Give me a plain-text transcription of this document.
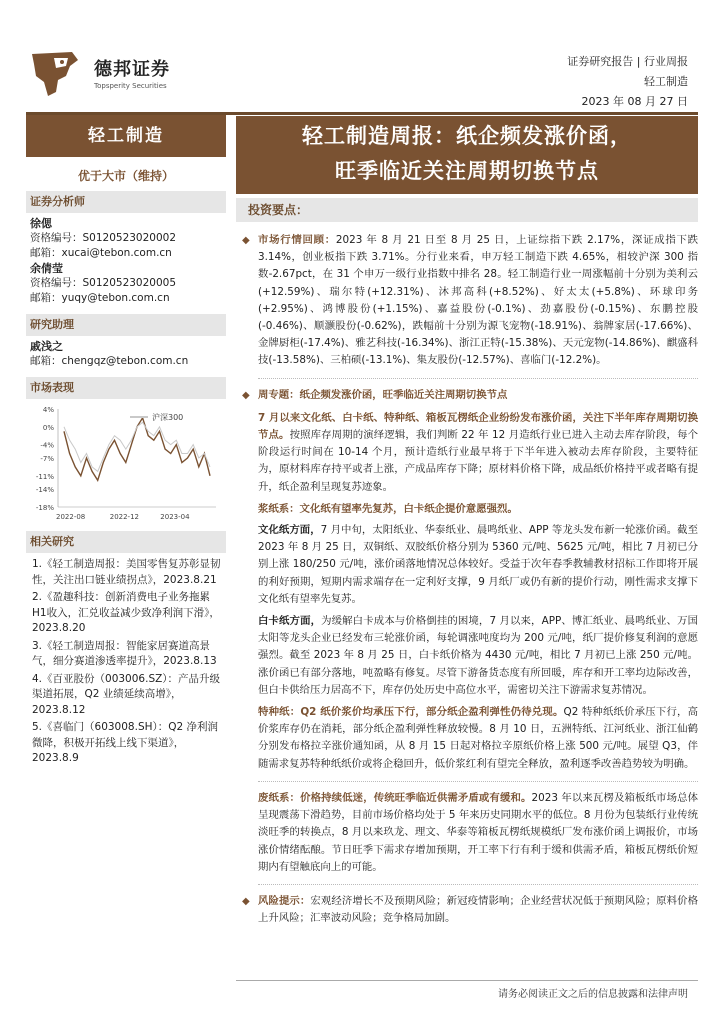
德邦证券
Topsperity Securities
证券研究报告 | 行业周报
轻工制造
2023 年 08 月 27 日
轻工制造
优于大市（维持）
证券分析师
徐偲
资格编号：S0120523020002
邮箱：xucai@tebon.com.cn
余倩莹
资格编号：S0120523020005
邮箱：yuqy@tebon.com.cn
研究助理
戚浅之
邮箱：chengqz@tebon.com.cn
市场表现
4%
0%
-4%
-7%
-11%
-14%
-18%
2022-08	2022-12	2023-04
沪深300
相关研究
1.《轻工制造周报：美国零售复苏彰显韧性，关注出口链业绩拐点》，2023.8.21
2.《盈趣科技：创新消费电子业务拖累H1收入，汇兑收益减少致净利润下滑》，2023.8.20
3.《轻工制造周报：智能家居赛道高景气，细分赛道渗透率提升》，2023.8.13
4.《百亚股份（003006.SZ）：产品升级渠道拓展，Q2 业绩延续高增》，2023.8.12
5.《喜临门（603008.SH）：Q2 净利润微降，积极开拓线上线下渠道》，2023.8.9
轻工制造周报：纸企频发涨价函，
旺季临近关注周期切换节点
投资要点：
◆ 市场行情回顾：2023 年 8 月 21 日至 8 月 25 日，上证综指下跌 2.17%，深证成指下跌 3.14%，创业板指下跌 3.71%。分行业来看，申万轻工制造下跌 4.65%，相较沪深 300 指数-2.67pct，在 31 个申万一级行业指数中排名 28。轻工制造行业一周涨幅前十分别为美利云(+12.59%)、瑞尔特(+12.31%)、沐邦高科(+8.52%)、好太太(+5.8%)、环球印务(+2.95%)、鸿博股份(+1.15%)、嘉益股份(-0.1%)、劲嘉股份(-0.15%)、东鹏控股(-0.46%)、顺灏股份(-0.62%)，跌幅前十分别为源飞宠物(-18.91%)、翁牌家居(-17.66%)、金牌厨柜(-17.4%)、雅艺科技(-16.34%)、浙江正特(-15.38%)、天元宠物(-14.86%)、麒盛科技(-13.58%)、三柏硕(-13.1%)、集友股份(-12.57%)、喜临门(-12.2%)。
◆ 周专题：纸企频发涨价函，旺季临近关注周期切换节点
7 月以来文化纸、白卡纸、特种纸、箱板瓦楞纸企业纷纷发布涨价函，关注下半年库存周期切换节点。按照库存周期的演绎逻辑，我们判断 22 年 12 月造纸行业已进入主动去库存阶段，每个阶段运行时间在 10-14 个月，预计造纸行业最早将于下半年进入被动去库存阶段，主要特征为，原材料库存持平或者上涨，产成品库存下降；原材料价格下降，成品纸价格持平或者略有提升，纸企盈利呈现复苏迹象。
浆纸系：文化纸有望率先复苏，白卡纸企提价意愿强烈。
文化纸方面，7 月中旬，太阳纸业、华泰纸业、晨鸣纸业、APP 等龙头发布新一轮涨价函。截至 2023 年 8 月 25 日，双铜纸、双胶纸价格分别为 5360 元/吨、5625 元/吨，相比 7 月初已分别上涨 180/250 元/吨，涨价函落地情况总体较好。受益于次年春季教辅教材招标工作即将开展的利好预期，短期内需求端存在一定利好支撑，9 月纸厂或仍有新的提价行动，刚性需求支撑下文化纸有望率先复苏。
白卡纸方面，为缓解白卡成本与价格倒挂的困境，7 月以来，APP、博汇纸业、晨鸣纸业、万国太阳等龙头企业已经发布三轮涨价函，每轮调涨吨度均为 200 元/吨，纸厂提价修复利润的意愿强烈。截至 2023 年 8 月 25 日，白卡纸价格为 4430 元/吨，相比 7 月初已上涨 250 元/吨。涨价函已有部分落地，吨盈略有修复。尽管下游备货态度有所回暖，库存和开工率均边际改善，但白卡供给压力居高不下，库存仍处历史中高位水平，需密切关注下游需求复苏情况。
特种纸：Q2 纸价浆价均承压下行，部分纸企盈利弹性仍待兑现。Q2 特种纸纸价承压下行，高价浆库存仍在消耗，部分纸企盈利弹性释放较慢。8 月 10 日，五洲特纸、江河纸业、浙江仙鹤分别发布格拉辛涨价通知函，从 8 月 15 日起对格拉辛原纸价格上涨 500 元/吨。展望 Q3，伴随需求复苏特种纸纸价或将企稳回升，低价浆红利有望完全释放，盈利逐季改善趋势较为明确。
废纸系：价格持续低迷，传统旺季临近供需矛盾或有缓和。2023 年以来瓦楞及箱板纸市场总体呈现震荡下滑趋势，目前市场价格均处于 5 年来历史同期水平的低位。8 月份为包装纸行业传统淡旺季的转换点，8 月以来玖龙、理文、华泰等箱板瓦楞纸规模纸厂发布涨价函上调报价，市场涨价情绪酝酿。节日旺季下需求存增加预期，开工率下行有利于缓和供需矛盾，箱板瓦楞纸价短期内有望触底向上的可能。
◆ 风险提示：宏观经济增长不及预期风险；新冠疫情影响；企业经营状况低于预期风险；原料价格上升风险；汇率波动风险；竞争格局加剧。
请务必阅读正文之后的信息披露和法律声明
